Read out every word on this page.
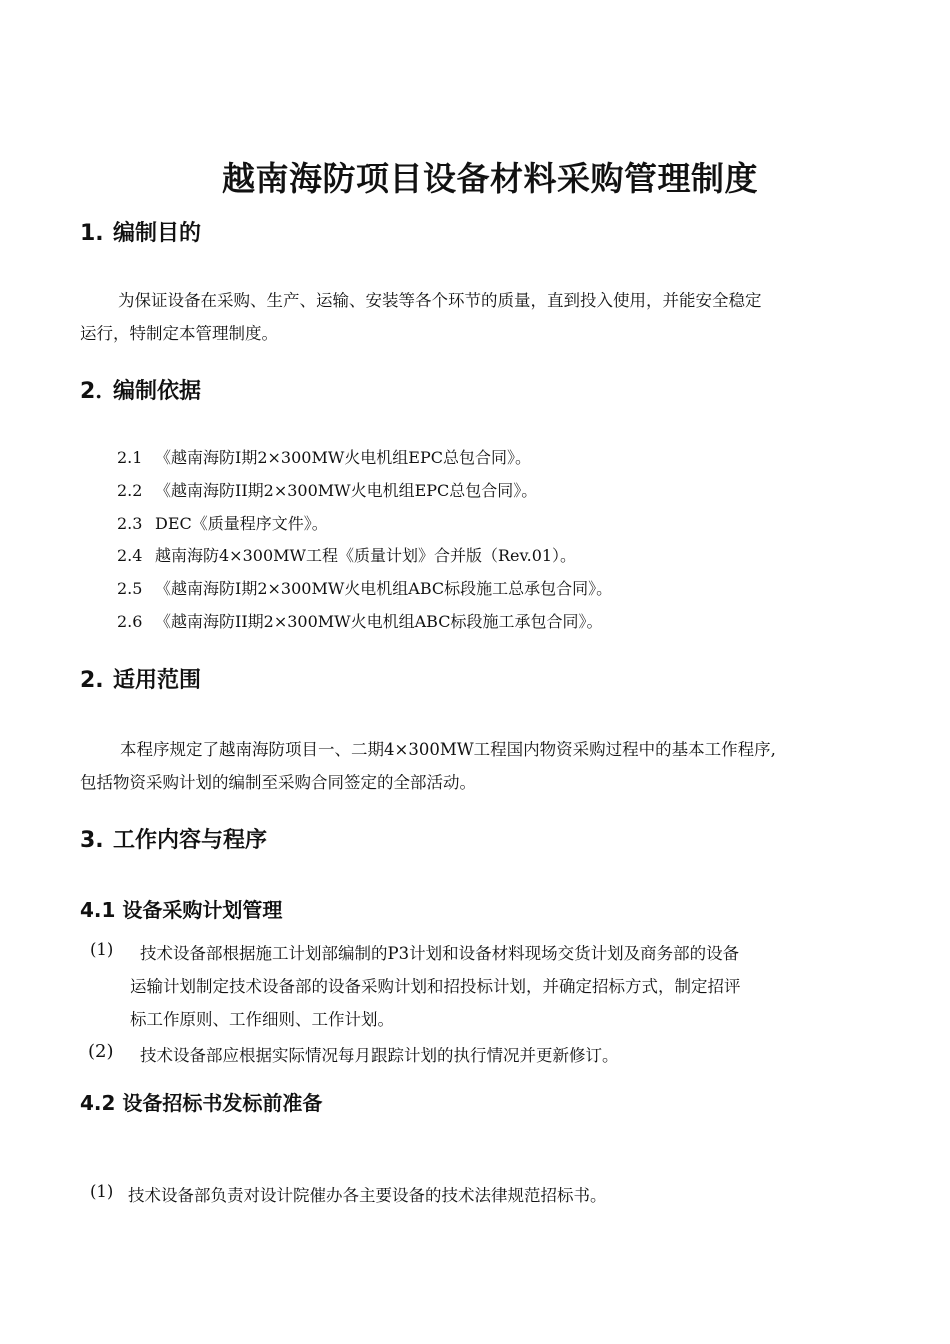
越南海防项目设备材料采购管理制度
1. 编制目的
为保证设备在采购、生产、运输、安装等各个环节的质量，直到投入使用，并能安全稳定
运行，特制定本管理制度。
2．编制依据
2.1 《越南海防Ⅰ期2×300MW火电机组EPC总包合同》。
2.2 《越南海防II期2×300MW火电机组EPC总包合同》。
2.3 DEC《质量程序文件》。
2.4 越南海防4×300MW工程《质量计划》合并版（Rev.01）。
2.5 《越南海防Ⅰ期2×300MW火电机组ABC标段施工总承包合同》。
2.6 《越南海防II期2×300MW火电机组ABC标段施工承包合同》。
2. 适用范围
本程序规定了越南海防项目一、二期4×300MW工程国内物资采购过程中的基本工作程序,
包括物资采购计划的编制至采购合同签定的全部活动。
3. 工作内容与程序
4.1 设备采购计划管理
(1) 技术设备部根据施工计划部编制的P3计划和设备材料现场交货计划及商务部的设备
运输计划制定技术设备部的设备采购计划和招投标计划，并确定招标方式，制定招评
标工作原则、工作细则、工作计划。
(2) 技术设备部应根据实际情况每月跟踪计划的执行情况并更新修订。
4.2 设备招标书发标前准备
(1) 技术设备部负责对设计院催办各主要设备的技术法律规范招标书。
